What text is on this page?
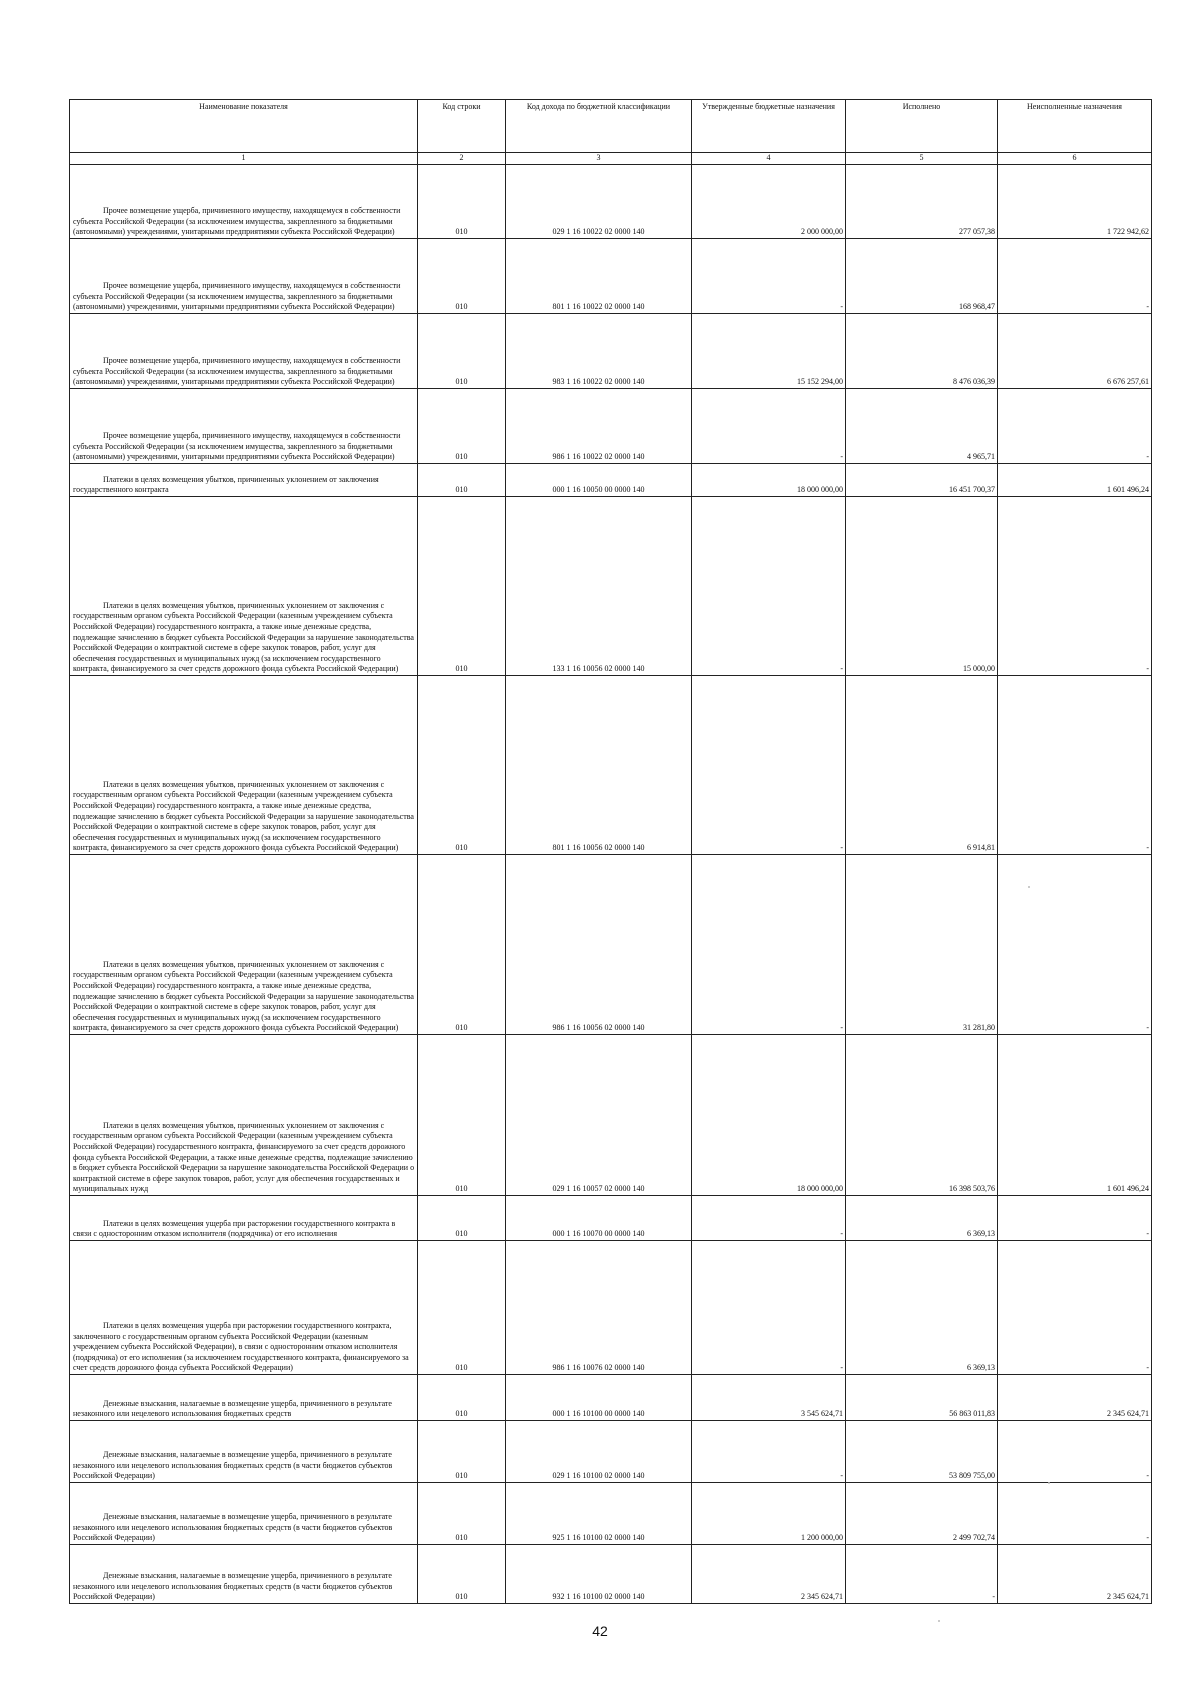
Наименование показателя	Код строки	Код дохода по бюджетной классификации	Утвержденные бюджетные назначения	Исполнено	Неисполненные назначения
1	2	3	4	5	6

Прочее возмещение ущерба, причиненного имуществу, находящемуся в собственности субъекта Российской Федерации (за исключением имущества, закрепленного за бюджетными (автономными) учреждениями, унитарными предприятиями субъекта Российской Федерации)	010	029 1 16 10022 02 0000 140	2 000 000,00	277 057,38	1 722 942,62

Прочее возмещение ущерба, причиненного имуществу, находящемуся в собственности субъекта Российской Федерации (за исключением имущества, закрепленного за бюджетными (автономными) учреждениями, унитарными предприятиями субъекта Российской Федерации)	010	801 1 16 10022 02 0000 140	-	168 968,47	-

Прочее возмещение ущерба, причиненного имуществу, находящемуся в собственности субъекта Российской Федерации (за исключением имущества, закрепленного за бюджетными (автономными) учреждениями, унитарными предприятиями субъекта Российской Федерации)	010	983 1 16 10022 02 0000 140	15 152 294,00	8 476 036,39	6 676 257,61

Прочее возмещение ущерба, причиненного имуществу, находящемуся в собственности субъекта Российской Федерации (за исключением имущества, закрепленного за бюджетными (автономными) учреждениями, унитарными предприятиями субъекта Российской Федерации)	010	986 1 16 10022 02 0000 140	-	4 965,71	-

Платежи в целях возмещения убытков, причиненных уклонением от заключения государственного контракта	010	000 1 16 10050 00 0000 140	18 000 000,00	16 451 700,37	1 601 496,24

Платежи в целях возмещения убытков, причиненных уклонением от заключения с государственным органом субъекта Российской Федерации (казенным учреждением субъекта Российской Федерации) государственного контракта, а также иные денежные средства, подлежащие зачислению в бюджет субъекта Российской Федерации за нарушение законодательства Российской Федерации о контрактной системе в сфере закупок товаров, работ, услуг для обеспечения государственных и муниципальных нужд (за исключением государственного контракта, финансируемого за счет средств дорожного фонда субъекта Российской Федерации)	010	133 1 16 10056 02 0000 140	-	15 000,00	-

Платежи в целях возмещения убытков, причиненных уклонением от заключения с государственным органом субъекта Российской Федерации (казенным учреждением субъекта Российской Федерации) государственного контракта, а также иные денежные средства, подлежащие зачислению в бюджет субъекта Российской Федерации за нарушение законодательства Российской Федерации о контрактной системе в сфере закупок товаров, работ, услуг для обеспечения государственных и муниципальных нужд (за исключением государственного контракта, финансируемого за счет средств дорожного фонда субъекта Российской Федерации)	010	801 1 16 10056 02 0000 140	-	6 914,81	-

Платежи в целях возмещения убытков, причиненных уклонением от заключения с государственным органом субъекта Российской Федерации (казенным учреждением субъекта Российской Федерации) государственного контракта, а также иные денежные средства, подлежащие зачислению в бюджет субъекта Российской Федерации за нарушение законодательства Российской Федерации о контрактной системе в сфере закупок товаров, работ, услуг для обеспечения государственных и муниципальных нужд (за исключением государственного контракта, финансируемого за счет средств дорожного фонда субъекта Российской Федерации)	010	986 1 16 10056 02 0000 140	-	31 281,80	-

Платежи в целях возмещения убытков, причиненных уклонением от заключения с государственным органом субъекта Российской Федерации (казенным учреждением субъекта Российской Федерации) государственного контракта, финансируемого за счет средств дорожного фонда субъекта Российской Федерации, а также иные денежные средства, подлежащие зачислению в бюджет субъекта Российской Федерации за нарушение законодательства Российской Федерации о контрактной системе в сфере закупок товаров, работ, услуг для обеспечения государственных и муниципальных нужд	010	029 1 16 10057 02 0000 140	18 000 000,00	16 398 503,76	1 601 496,24

Платежи в целях возмещения ущерба при расторжении государственного контракта в связи с односторонним отказом исполнителя (подрядчика) от его исполнения	010	000 1 16 10070 00 0000 140	-	6 369,13	-

Платежи в целях возмещения ущерба при расторжении государственного контракта, заключенного с государственным органом субъекта Российской Федерации (казенным учреждением субъекта Российской Федерации), в связи с односторонним отказом исполнителя (подрядчика) от его исполнения (за исключением государственного контракта, финансируемого за счет средств дорожного фонда субъекта Российской Федерации)	010	986 1 16 10076 02 0000 140	-	6 369,13	-

Денежные взыскания, налагаемые в возмещение ущерба, причиненного в результате незаконного или нецелевого использования бюджетных средств	010	000 1 16 10100 00 0000 140	3 545 624,71	56 863 011,83	2 345 624,71

Денежные взыскания, налагаемые в возмещение ущерба, причиненного в результате незаконного или нецелевого использования бюджетных средств (в части бюджетов субъектов Российской Федерации)	010	029 1 16 10100 02 0000 140	-	53 809 755,00	-

Денежные взыскания, налагаемые в возмещение ущерба, причиненного в результате незаконного или нецелевого использования бюджетных средств (в части бюджетов субъектов Российской Федерации)	010	925 1 16 10100 02 0000 140	1 200 000,00	2 499 702,74	-

Денежные взыскания, налагаемые в возмещение ущерба, причиненного в результате незаконного или нецелевого использования бюджетных средств (в части бюджетов субъектов Российской Федерации)	010	932 1 16 10100 02 0000 140	2 345 624,71	-	2 345 624,71
42
